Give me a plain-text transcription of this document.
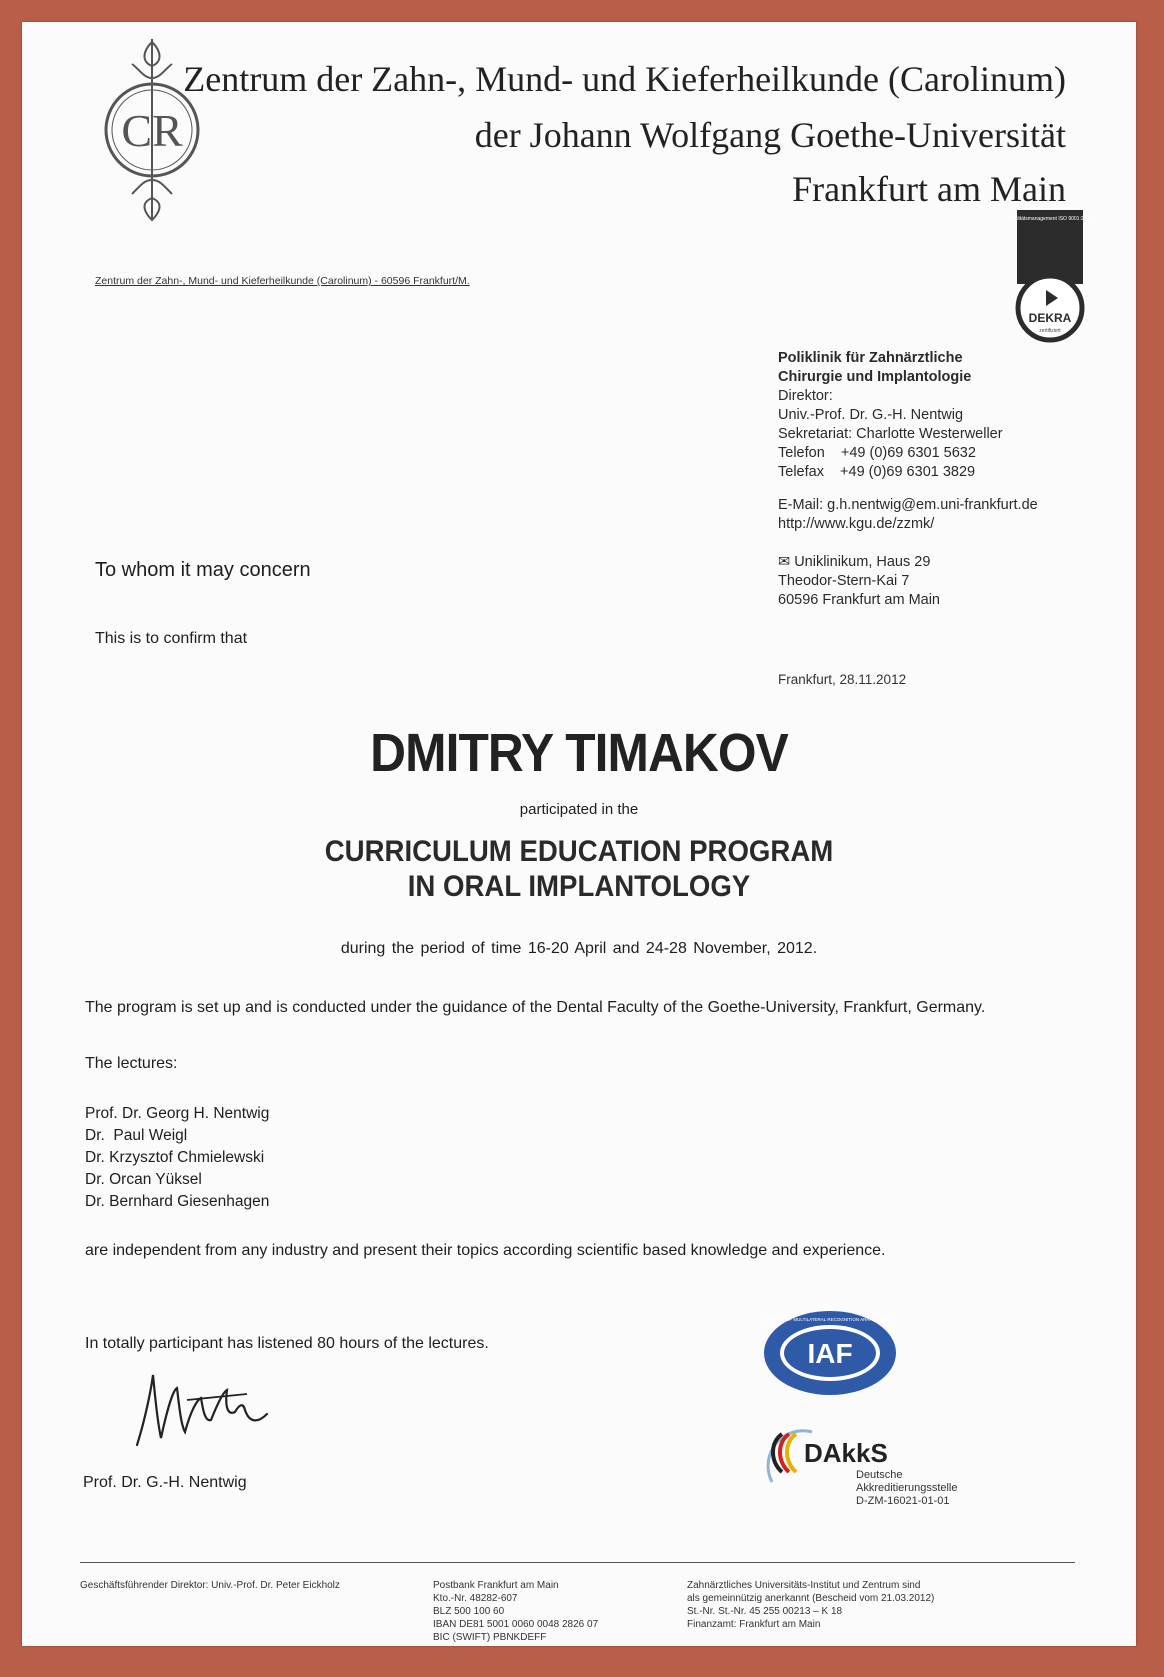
CR
Zentrum der Zahn-, Mund- und Kieferheilkunde (Carolinum)
der Johann Wolfgang Goethe-Universität
Frankfurt am Main
Zentrum der Zahn-, Mund- und Kieferheilkunde (Carolinum) - 60596 Frankfurt/M.
Qualitätsmanagement ISO 9001:2008
DEKRA
zertifiziert
Poliklinik für Zahnärztliche
Chirurgie und Implantologie
Direktor:
Univ.-Prof. Dr. G.-H. Nentwig
Sekretariat: Charlotte Westerweller
Telefon    +49 (0)69 6301 5632
Telefax    +49 (0)69 6301 3829
E-Mail: g.h.nentwig@em.uni-frankfurt.de
http://www.kgu.de/zzmk/
✉ Uniklinikum, Haus 29
Theodor-Stern-Kai 7
60596 Frankfurt am Main
To whom it may concern
This is to confirm that
Frankfurt, 28.11.2012
DMITRY TIMAKOV
participated in the
CURRICULUM EDUCATION PROGRAM
IN ORAL IMPLANTOLOGY
during the period of time 16-20 April and 24-28 November, 2012.
The program is set up and is conducted under the guidance of the Dental Faculty of the Goethe-University, Frankfurt, Germany.
The lectures:
Prof. Dr. Georg H. Nentwig
Dr.  Paul Weigl
Dr. Krzysztof Chmielewski
Dr. Orcan Yüksel
Dr. Bernhard Giesenhagen
are independent from any industry and present their topics according scientific based knowledge and experience.
In totally participant has listened 80 hours of the lectures.
Prof. Dr. G.-H. Nentwig
IAF
MEMBER OF MULTILATERAL RECOGNITION ARRANGEMENT
DAkkS
Deutsche
Akkreditierungsstelle
D-ZM-16021-01-01
Geschäftsführender Direktor: Univ.-Prof. Dr. Peter Eickholz	Postbank Frankfurt am Main
Kto.-Nr. 48282-607
BLZ 500 100 60
IBAN DE81 5001 0060 0048 2826 07
BIC (SWIFT) PBNKDEFF
Zahnärztliches Universitäts-Institut und Zentrum sind
als gemeinnützig anerkannt (Bescheid vom 21.03.2012)
St.-Nr. St.-Nr. 45 255 00213 – K 18
Finanzamt: Frankfurt am Main
